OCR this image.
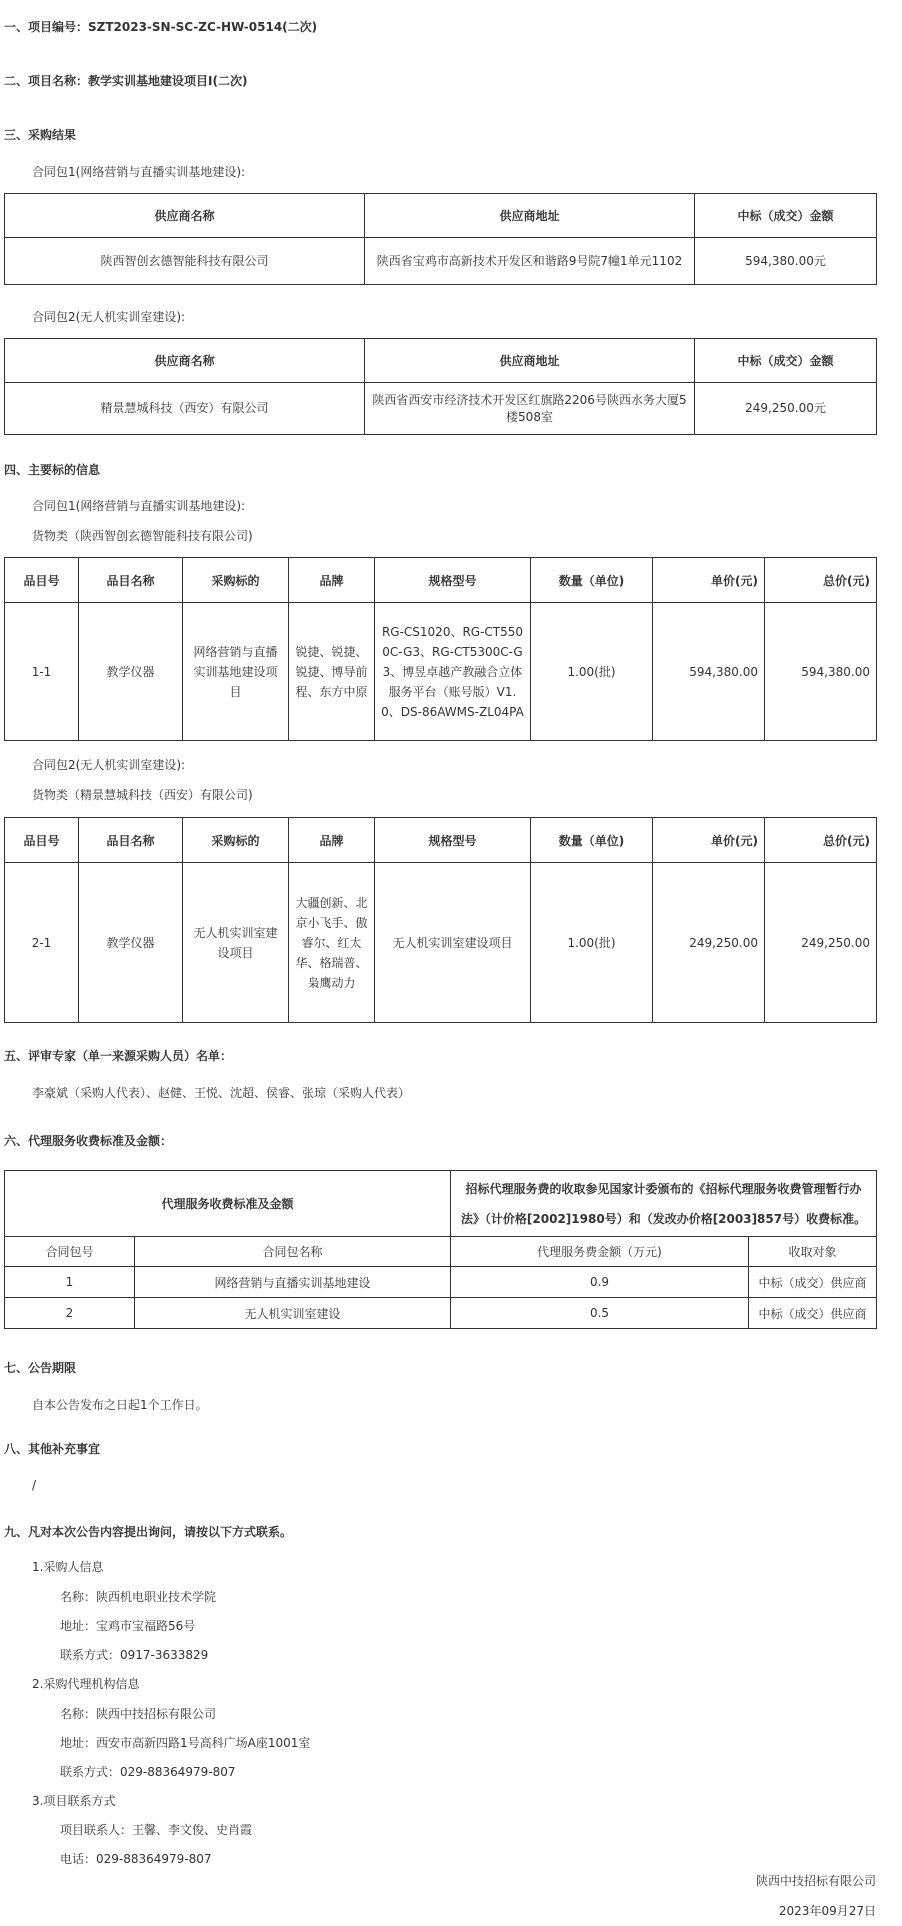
一、项目编号：SZT2023-SN-SC-ZC-HW-0514(二次)
二、项目名称：教学实训基地建设项目Ⅰ(二次)
三、采购结果
合同包1(网络营销与直播实训基地建设):
供应商名称	供应商地址	中标（成交）金额
陕西智创玄德智能科技有限公司	陕西省宝鸡市高新技术开发区和谐路9号院7幢1单元1102	594,380.00元
合同包2(无人机实训室建设):
供应商名称	供应商地址	中标（成交）金额
精景慧城科技（西安）有限公司	陕西省西安市经济技术开发区红旗路2206号陕西水务大厦5楼508室	249,250.00元
四、主要标的信息
合同包1(网络营销与直播实训基地建设):
货物类（陕西智创玄德智能科技有限公司)
品目号	品目名称	采购标的	品牌	规格型号	数量（单位)	单价(元)	总价(元)
1-1	教学仪器	网络营销与直播实训基地建设项目	锐捷、锐捷、锐捷、博导前程、东方中原	RG-CS1020、RG-CT5500C-G3、RG-CT5300C-G3、博昱卓越产教融合立体服务平台（账号版）V1.0、DS-86AWMS-ZL04PA	1.00(批)	594,380.00	594,380.00
合同包2(无人机实训室建设):
货物类（精景慧城科技（西安）有限公司)
品目号	品目名称	采购标的	品牌	规格型号	数量（单位)	单价(元)	总价(元)
2-1	教学仪器	无人机实训室建设项目	大疆创新、北京小飞手、傲睿尔、红太华、格瑞普、枭鹰动力	无人机实训室建设项目	1.00(批)	249,250.00	249,250.00
五、评审专家（单一来源采购人员）名单：
李豪斌（采购人代表）、赵健、王悦、沈超、侯睿、张琼（采购人代表）
六、代理服务收费标准及金额：
代理服务收费标准及金额		招标代理服务费的收取参见国家计委颁布的《招标代理服务收费管理暂行办法》（计价格[2002]1980号）和（发改办价格[2003]857号）收费标准。	
合同包号	合同包名称	代理服务费金额（万元)	收取对象
1	网络营销与直播实训基地建设	0.9	中标（成交）供应商
2	无人机实训室建设	0.5	中标（成交）供应商
七、公告期限
自本公告发布之日起1个工作日。
八、其他补充事宜
/
九、凡对本次公告内容提出询问，请按以下方式联系。
1.采购人信息
名称：陕西机电职业技术学院
地址：宝鸡市宝福路56号
联系方式：0917-3633829
2.采购代理机构信息
名称：陕西中技招标有限公司
地址：西安市高新四路1号高科广场A座1001室
联系方式：029-88364979-807
3.项目联系方式
项目联系人：王馨、李文俊、史肖霞
电话：029-88364979-807
陕西中技招标有限公司
2023年09月27日
